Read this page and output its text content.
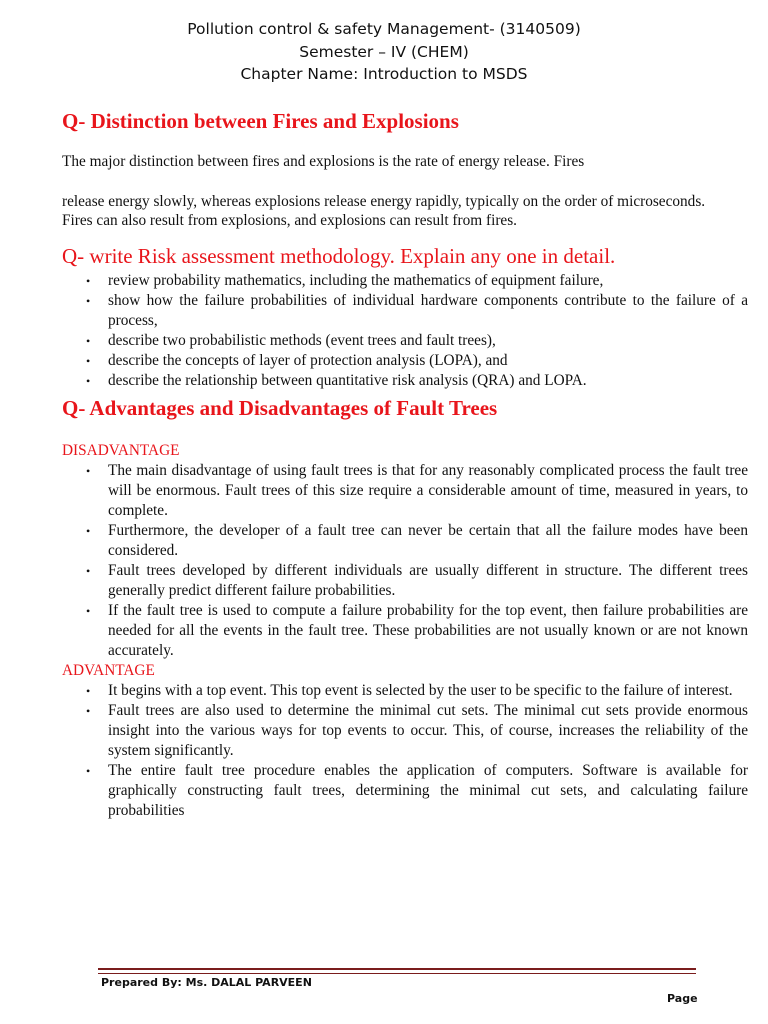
Pollution control & safety Management- (3140509)
Semester – IV (CHEM)
Chapter Name: Introduction to MSDS
Q- Distinction between Fires and Explosions

The major distinction between fires and explosions is the rate of energy release. Fires

release energy slowly, whereas explosions release energy rapidly, typically on the order of microseconds.

Fires can also result from explosions, and explosions can result from fires.

Q- write Risk assessment methodology. Explain any one in detail.
• review probability mathematics, including the mathematics of equipment failure,
• show how the failure probabilities of individual hardware components contribute to the failure of a process,
• describe two probabilistic methods (event trees and fault trees),
• describe the concepts of layer of protection analysis (LOPA), and
• describe the relationship between quantitative risk analysis (QRA) and LOPA.
Q- Advantages and Disadvantages of Fault Trees

DISADVANTAGE

• The main disadvantage of using fault trees is that for any reasonably complicated process the fault tree will be enormous. Fault trees of this size require a considerable amount of time, measured in years, to complete.
• Furthermore, the developer of a fault tree can never be certain that all the failure modes have been considered.
• Fault trees developed by different individuals are usually different in structure. The different trees generally predict different failure probabilities.
• If the fault tree is used to compute a failure probability for the top event, then failure probabilities are needed for all the events in the fault tree. These probabilities are not usually known or are not known accurately.

ADVANTAGE

• It begins with a top event. This top event is selected by the user to be specific to the failure of interest.
• Fault trees are also used to determine the minimal cut sets. The minimal cut sets provide enormous insight into the various ways for top events to occur. This, of course, increases the reliability of the system significantly.
• The entire fault tree procedure enables the application of computers. Software is available for graphically constructing fault trees, determining the minimal cut sets, and calculating failure probabilities
Prepared By: Ms. DALAL PARVEEN
Page
